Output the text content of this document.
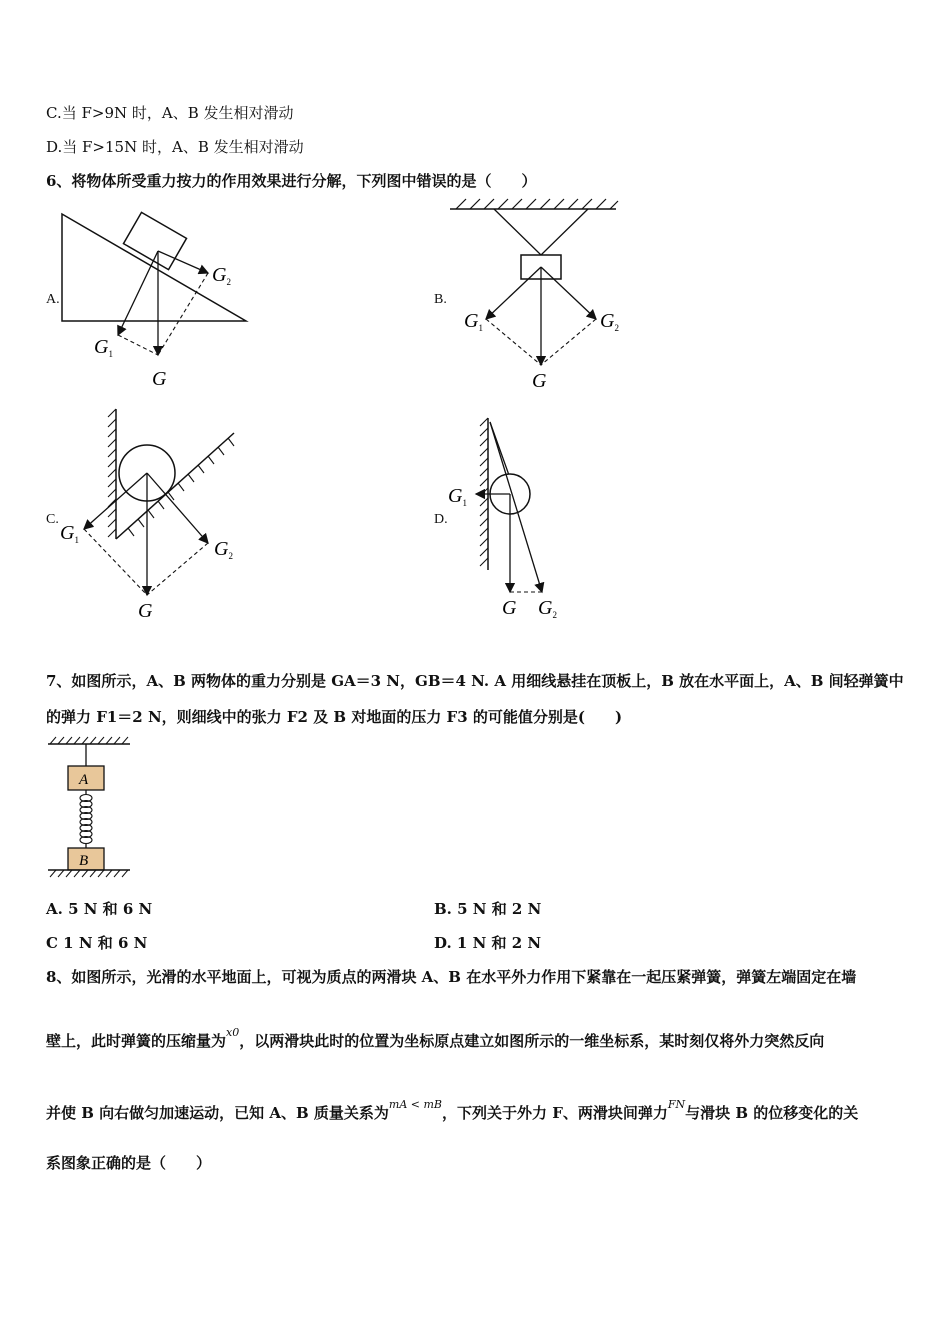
C.当 F>9N 时，A、B 发生相对滑动
D.当 F>15N 时，A、B 发生相对滑动
6、将物体所受重力按力的作用效果进行分解，下列图中错误的是（　　）
A.	B.
C.	D.
$G_1$
G
$G_2$
$G_1$
G
$G_2$
$G_1$
G
$G_2$
$G_1$
G $G_2$
7、如图所示，A、B 两物体的重力分别是 GA＝3 N，GB＝4 N. A 用细线悬挂在顶板上，B 放在水平面上，A、B 间轻弹簧中
的弹力 F1＝2 N，则细线中的张力 F2 及 B 对地面的压力 F3 的可能值分别是(　　)
A
B
A. 5 N 和 6 N	B. 5 N 和 2 N
C 1 N 和 6 N	D. 1 N 和 2 N
8、如图所示，光滑的水平地面上，可视为质点的两滑块 A、B 在水平外力作用下紧靠在一起压紧弹簧，弹簧左端固定在墙
壁上，此时弹簧的压缩量为$^{x0}$，以两滑块此时的位置为坐标原点建立如图所示的一维坐标系，某时刻仅将外力突然反向
并使 B 向右做匀加速运动，已知 A、B 质量关系为$^{mA < mB}$，下列关于外力 F、两滑块间弹力$^{FN}$与滑块 B 的位移变化的关
系图象正确的是（　　）
